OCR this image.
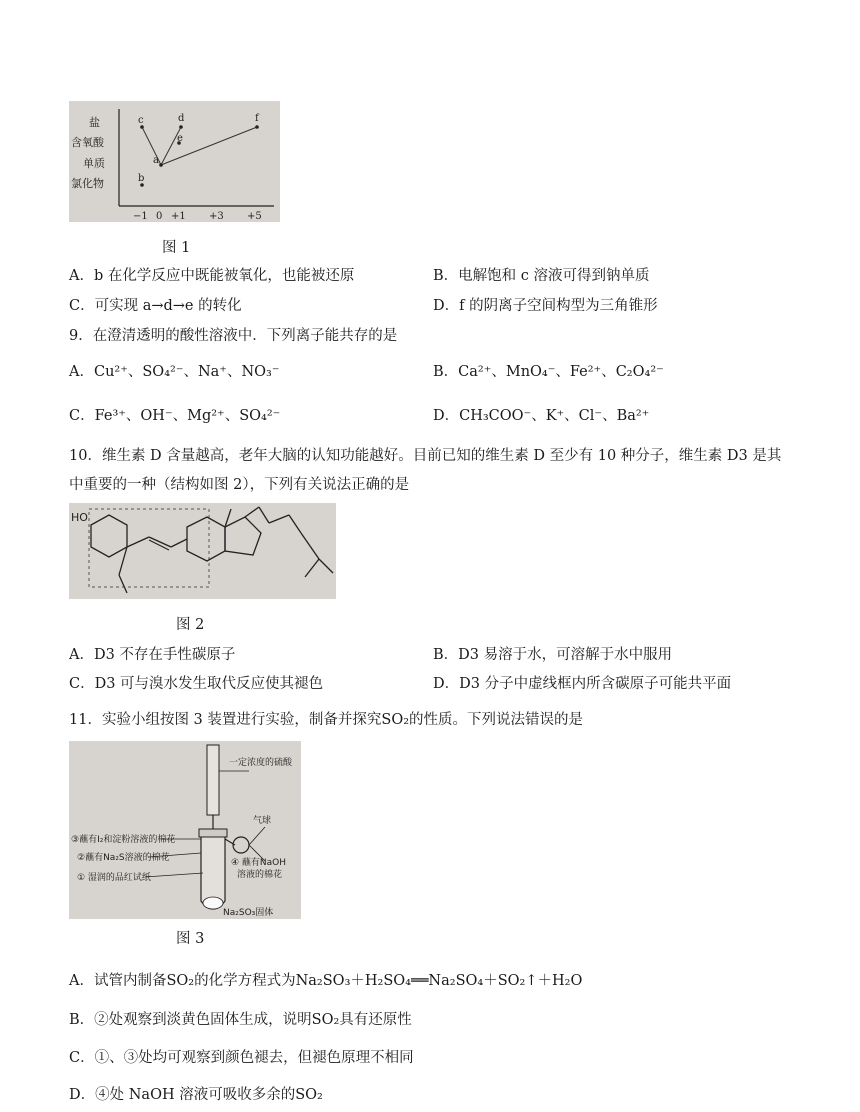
盐
含氧酸
单质
氯化物
−1 0 +1 +3 +5
c	d
e
a
f
b
图 1
A．b 在化学反应中既能被氧化，也能被还原	B．电解饱和 c 溶液可得到钠单质
C．可实现 a→d→e 的转化	D．f 的阴离子空间构型为三角锥形
9．在澄清透明的酸性溶液中．下列离子能共存的是
A．Cu²⁺、SO₄²⁻、Na⁺、NO₃⁻	B．Ca²⁺、MnO₄⁻、Fe²⁺、C₂O₄²⁻
C．Fe³⁺、OH⁻、Mg²⁺、SO₄²⁻	D．CH₃COO⁻、K⁺、Cl⁻、Ba²⁺
10．维生素 D 含量越高，老年大脑的认知功能越好。目前已知的维生素 D 至少有 10 种分子，维生素 D3 是其
中重要的一种（结构如图 2），下列有关说法正确的是
HO
图 2
A．D3 不存在手性碳原子	B．D3 易溶于水，可溶解于水中服用
C．D3 可与溴水发生取代反应使其褪色	D．D3 分子中虚线框内所含碳原子可能共平面
11．实验小组按图 3 装置进行实验，制备并探究SO₂的性质。下列说法错误的是
一定浓度的硫酸
气球
③蘸有I₂和淀粉溶液的棉花
②蘸有Na₂S溶液的棉花
① 湿润的品红试纸
④ 蘸有NaOH
溶液的棉花
Na₂SO₃固体
图 3
A．试管内制备SO₂的化学方程式为Na₂SO₃＋H₂SO₄══Na₂SO₄＋SO₂↑＋H₂O
B．②处观察到淡黄色固体生成，说明SO₂具有还原性
C．①、③处均可观察到颜色褪去，但褪色原理不相同
D．④处 NaOH 溶液可吸收多余的SO₂
